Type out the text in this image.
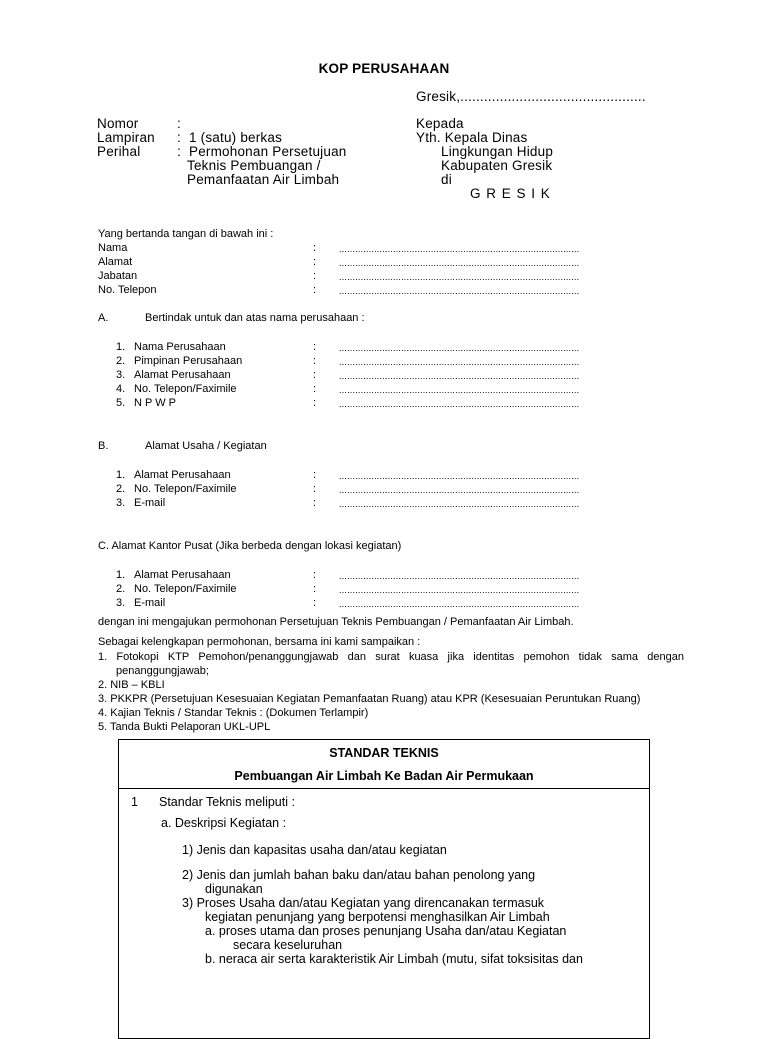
KOP PERUSAHAAN
Gresik,...............................................
Nomor	:
Lampiran : 1 (satu) berkas
Perihal	: Permohonan Persetujuan
Teknis Pembuangan /
Pemanfaatan Air Limbah
Kepada
Yth. Kepala Dinas
Lingkungan Hidup
Kabupaten Gresik
di
G R E S I K
Yang bertanda tangan di bawah ini :
Nama	:	.........................................................................................
Alamat	:	.........................................................................................
Jabatan	:	.........................................................................................
No. Telepon	:	.........................................................................................
A.	Bertindak untuk dan atas nama perusahaan :
1. Nama Perusahaan	:	.........................................................................................
2. Pimpinan Perusahaan	:	.........................................................................................
3. Alamat Perusahaan	:	.........................................................................................
4. No. Telepon/Faximile	:	.........................................................................................
5. N P W P	:	.........................................................................................
B.	Alamat Usaha / Kegiatan
1. Alamat Perusahaan	:	.........................................................................................
2. No. Telepon/Faximile	:	.........................................................................................
3. E-mail	:	.........................................................................................
C. Alamat Kantor Pusat (Jika berbeda dengan lokasi kegiatan)
1. Alamat Perusahaan	:	.........................................................................................
2. No. Telepon/Faximile	:	.........................................................................................
3. E-mail	:	.........................................................................................
dengan ini mengajukan permohonan Persetujuan Teknis Pembuangan / Pemanfaatan Air Limbah.
Sebagai kelengkapan permohonan, bersama ini kami sampaikan :
1. Fotokopi KTP Pemohon/penanggungjawab dan surat kuasa jika identitas pemohon tidak sama dengan
penanggungjawab;
2. NIB – KBLI
3. PKKPR (Persetujuan Kesesuaian Kegiatan Pemanfaatan Ruang) atau KPR (Kesesuaian Peruntukan Ruang)
4. Kajian Teknis / Standar Teknis : (Dokumen Terlampir)
5. Tanda Bukti Pelaporan UKL-UPL
STANDAR TEKNIS
Pembuangan Air Limbah Ke Badan Air Permukaan
1 Standar Teknis meliputi :
a. Deskripsi Kegiatan :
1) Jenis dan kapasitas usaha dan/atau kegiatan
2) Jenis dan jumlah bahan baku dan/atau bahan penolong yang
digunakan
3) Proses Usaha dan/atau Kegiatan yang direncanakan termasuk
kegiatan penunjang yang berpotensi menghasilkan Air Limbah
a. proses utama dan proses penunjang Usaha dan/atau Kegiatan
secara keseluruhan
b. neraca air serta karakteristik Air Limbah (mutu, sifat toksisitas dan
